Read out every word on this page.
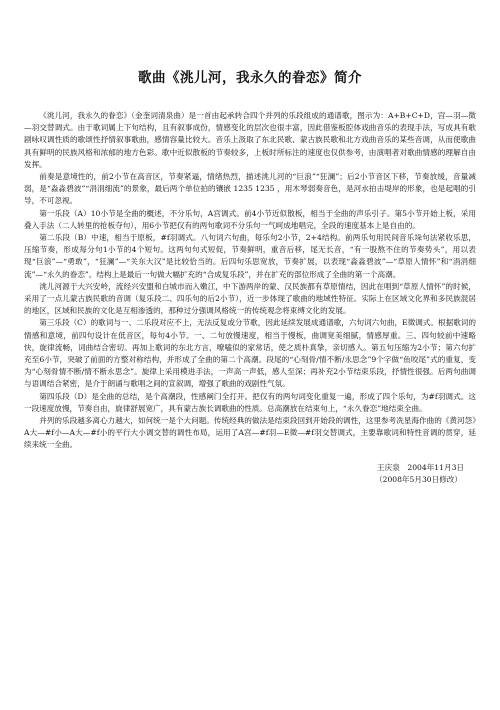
歌曲《洮儿河，我永久的眷恋》简介

《洮儿河，我永久的眷恋》（金奎词清泉曲）是一首由起承转合四个并列的乐段组成的通谱歌，图示为：A+B+C+D，宫—羽—徵—羽交替调式。由于歌词属上下句结构，且有叙事成份，情感变化的层次也很丰富，因此借鉴板腔体戏曲音乐的表现手法，写成具有歌剧咏叹调性质的歌颂性抒情叙事歌曲，感情容量比较大。音乐上汲取了东北民歌、蒙古族民歌和北方戏曲音乐的某些音调，从而使歌曲具有鲜明的民族风格和浓郁的地方色彩。歌中近似散板的节奏较多，上板时所标注的速度也仅供参考，由演唱者对歌曲情感的理解自由发挥。

前奏是意境性的，前2小节在高音区，节奏紧逼，情绪热烈，描述洮儿河的“巨浪”“狂澜”；后2小节音区下移，节奏放缓，音量减弱，是“淼淼碧波”“涓涓细流”的景象，最后两个单位拍的镶嵌 1235 1235 ，用木琴弱奏音色，是河水拍击堤岸的形象，也是起唱的引导，不可忽视。

第一乐段（A）10小节是全曲的概述，不分乐句，A宫调式。前4小节近似散板，相当于全曲的声乐引子。第5小节开始上板，采用叠入手法（二人转里的抢板夺句），用6小节把仅有的两句歌词不分乐句一气呵成地唱完，全段的速度基本上是自由的。

第二乐段（B）中速，相当于原板，#f羽调式。八句词六句曲，每乐句2小节，2+4结构。前两乐句用民间音乐垛句法紧收乐思，压缩节奏，形成每分句1小节的4个短句。这两句句式短促，节奏鲜明，重音后移，尾无长音，“有一股熬不住的节奏势头”，用以表现“巨浪”—“勇敢”，“狂澜”—“关东大汉”是比较恰当的。后四句乐思宽放，节奏扩展，以表现“淼淼碧波”—“草原人情怀”和“涓涓细流”—“永久的眷恋”。结构上是最后一句做大幅扩充的“合成复乐段”，并在扩充的部位形成了全曲的第一个高潮。

洮儿河源于大兴安岭，流经兴安盟和白城市而入嫩江，中下游两岸的蒙、汉民族都有草原情结，因此在唱到“草原人情怀”的时候，采用了一点儿蒙古族民歌的音调（复乐段二、四乐句的后2小节），近一步体现了歌曲的地域性特征。实际上在区域文化界和多民族混居的地区，区域和民族的文化是互相渗透的，那种过分强调风格统一的传统观念将束缚文化的发展。

第三乐段（C）的歌词与一、二乐段对应不上，无法反复或分节歌，因此延续发展成通谱歌，六句词六句曲，E徵调式。根据歌词的情感和意境，前四句设计在低音区，每句4小节。一、二句放慢速度，相当于慢板，曲调宽美细腻，情感厚重。三、四句较前中速略快，旋律流畅，词曲结合密切。再加上歌词的东北方言，嘹嗑似的家常话，使之质朴真挚，亲切感人。第五句压缩为2小节；第六句扩充至6小节，突破了前面的方整对称结构，并形成了全曲的第二个高潮。段尾的“心刻骨/情不断/永思念”9个字做“鱼咬尾”式的重复，变为“心刻骨情不断/情不断永思念”。旋律上采用模进手法，一声高一声低，感人至深；再补充2小节结束乐段，抒情性很强。后两句曲调与语调结合紧密，是介于朗诵与歌唱之间的宣叙调，增强了歌曲的戏剧性气氛。

第四乐段（D）是全曲的总结，是个高潮段，性感阐门全打开。把仅有的两句词变化重复一遍，形成了四个乐句，为#f羽调式。这一段速度放慢，节奏自由，旋律舒展宽广，具有蒙古族长调歌曲的性质。总高潮放在结束句上，“永久眷恋”地结束全曲。

并列的乐段越多离心力越大，如何统一是个大问题。传统经典的做法是结束段回到开始段的调性，这里参考冼星海作曲的《黄河怨》A大—#f小—A大—#f小的平行大小调交替的调性布局，运用了A宫—#f羽—E徵—#f羽交替调式，主要靠歌词和特性音调的贯穿，延续来统一全曲。

王庆泉　2004年11月3日
（2008年5月30日修改）
